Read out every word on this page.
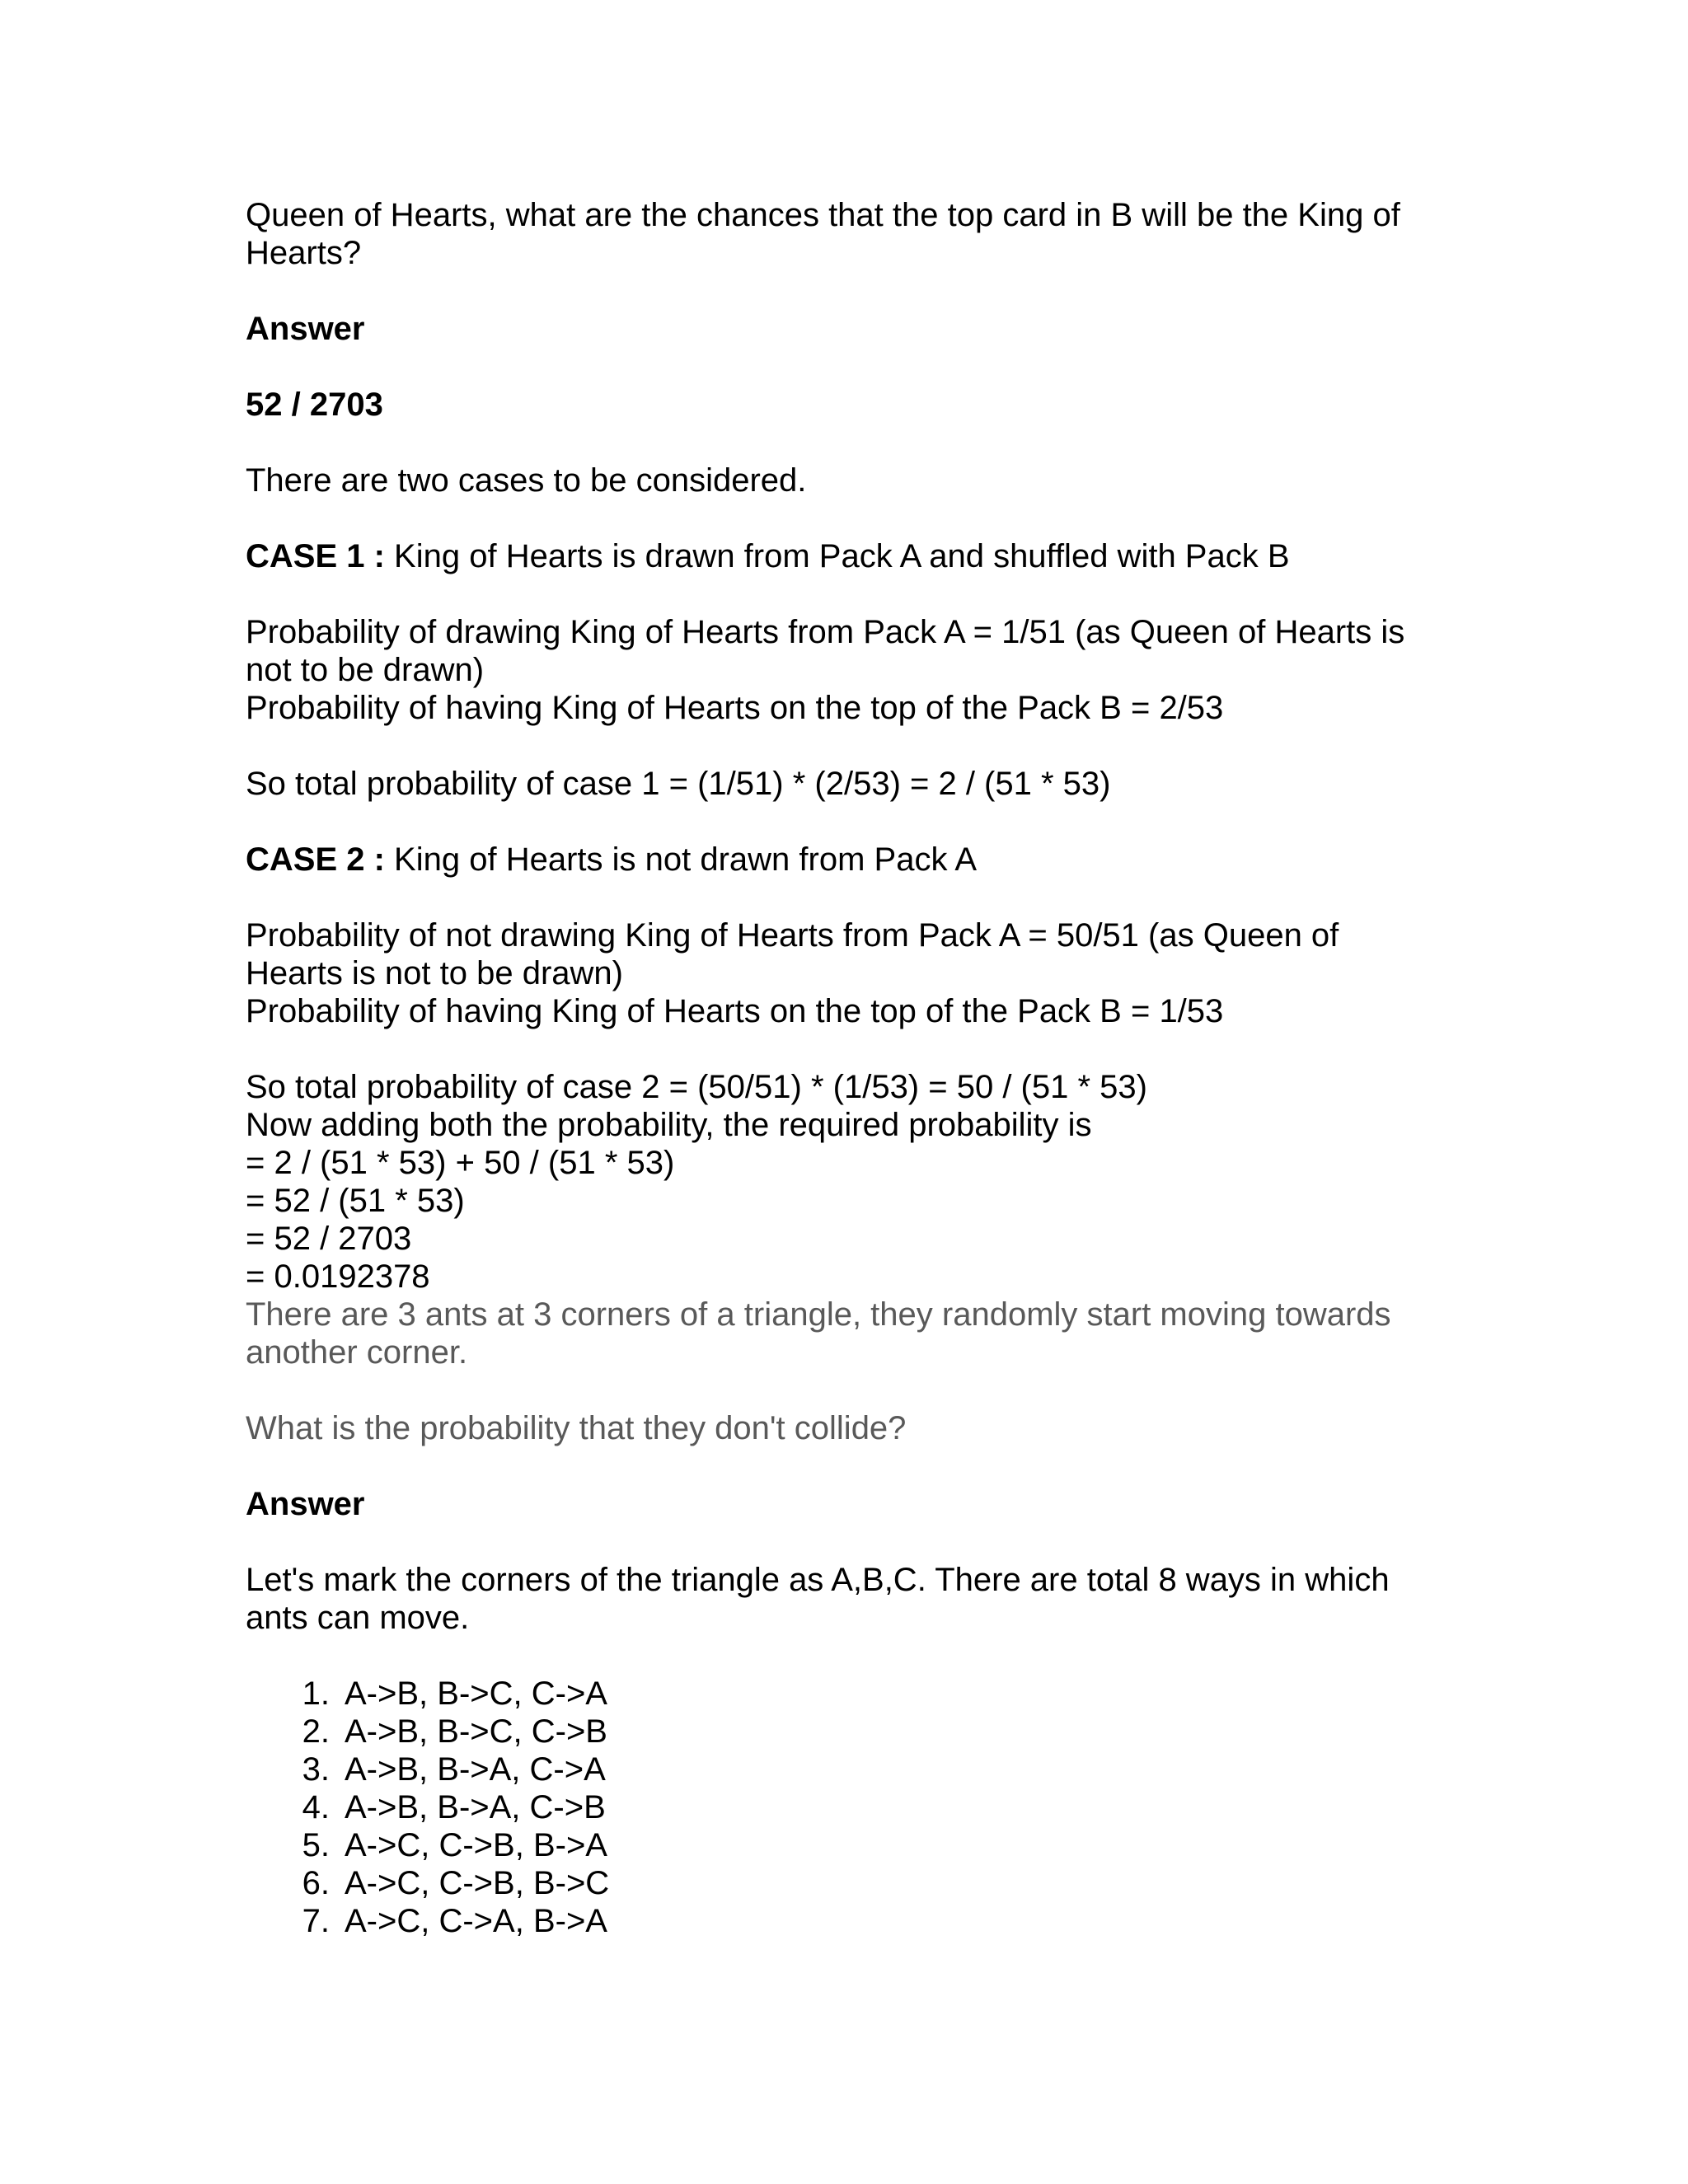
Queen of Hearts, what are the chances that the top card in B will be the King of

Hearts?

Answer

52 / 2703

There are two cases to be considered.

CASE 1 : King of Hearts is drawn from Pack A and shuffled with Pack B

Probability of drawing King of Hearts from Pack A = 1/51 (as Queen of Hearts is

not to be drawn)

Probability of having King of Hearts on the top of the Pack B = 2/53

So total probability of case 1 = (1/51) * (2/53) = 2 / (51 * 53)

CASE 2 : King of Hearts is not drawn from Pack A

Probability of not drawing King of Hearts from Pack A = 50/51 (as Queen of

Hearts is not to be drawn)

Probability of having King of Hearts on the top of the Pack B = 1/53

So total probability of case 2 = (50/51) * (1/53) = 50 / (51 * 53)

Now adding both the probability, the required probability is

= 2 / (51 * 53) + 50 / (51 * 53)

= 52 / (51 * 53)

= 52 / 2703

= 0.0192378

There are 3 ants at 3 corners of a triangle, they randomly start moving towards

another corner.

What is the probability that they don't collide?

Answer

Let's mark the corners of the triangle as A,B,C. There are total 8 ways in which

ants can move.

1. A->B, B->C, C->A
2. A->B, B->C, C->B
3. A->B, B->A, C->A
4. A->B, B->A, C->B
5. A->C, C->B, B->A
6. A->C, C->B, B->C
7. A->C, C->A, B->A
